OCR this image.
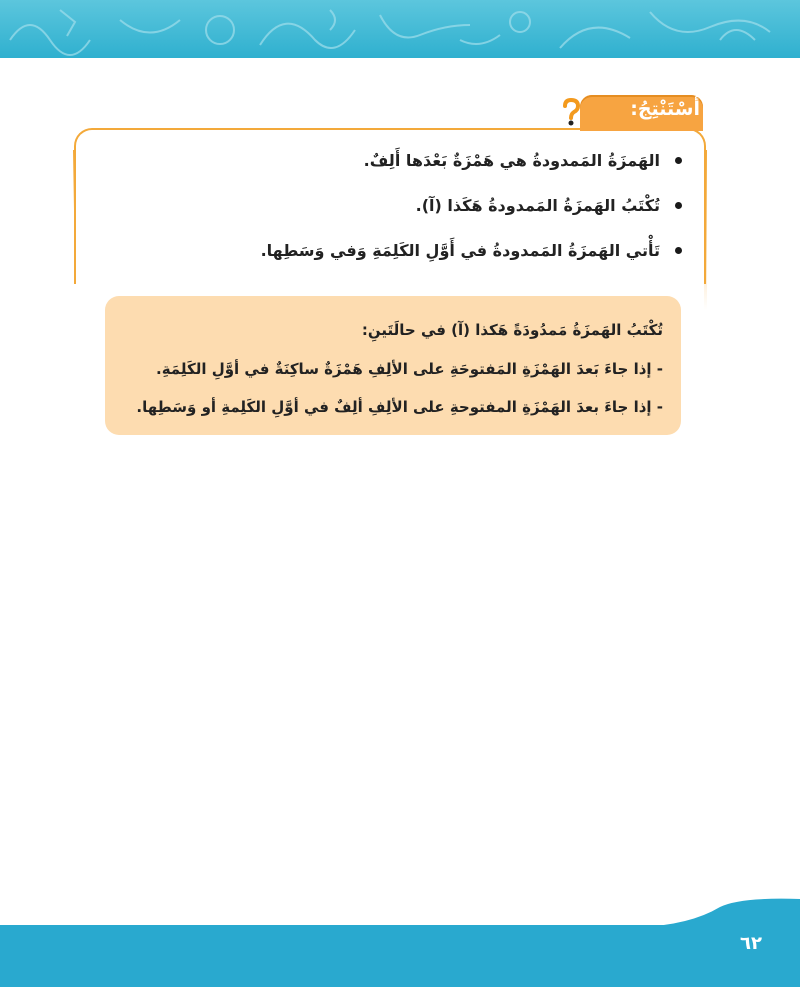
أَسْتَنْتِجُ:
الهَمزَةُ المَمدودةُ هي هَمْزَةٌ بَعْدَها أَلِفٌ.
تُكْتَبُ الهَمزَةُ المَمدودةُ هَكَذا (آ).
تَأْتي الهَمزَةُ المَمدودةُ في أَوَّلِ الكَلِمَةِ وَفي وَسَطِها.
تُكْتَبُ الهَمزَةُ مَمدُودَةً هَكذا (آ) في حالَتَينِ:
- إذا جاءَ بَعدَ الهَمْزَةِ المَفتوحَةِ على الألِفِ هَمْزَةٌ ساكِنَةٌ في أوَّلِ الكَلِمَةِ.
- إذا جاءَ بعدَ الهَمْزَةِ المفتوحةِ على الألِفِ ألِفٌ في أوَّلِ الكَلِمةِ أو وَسَطِها.
٦٢
